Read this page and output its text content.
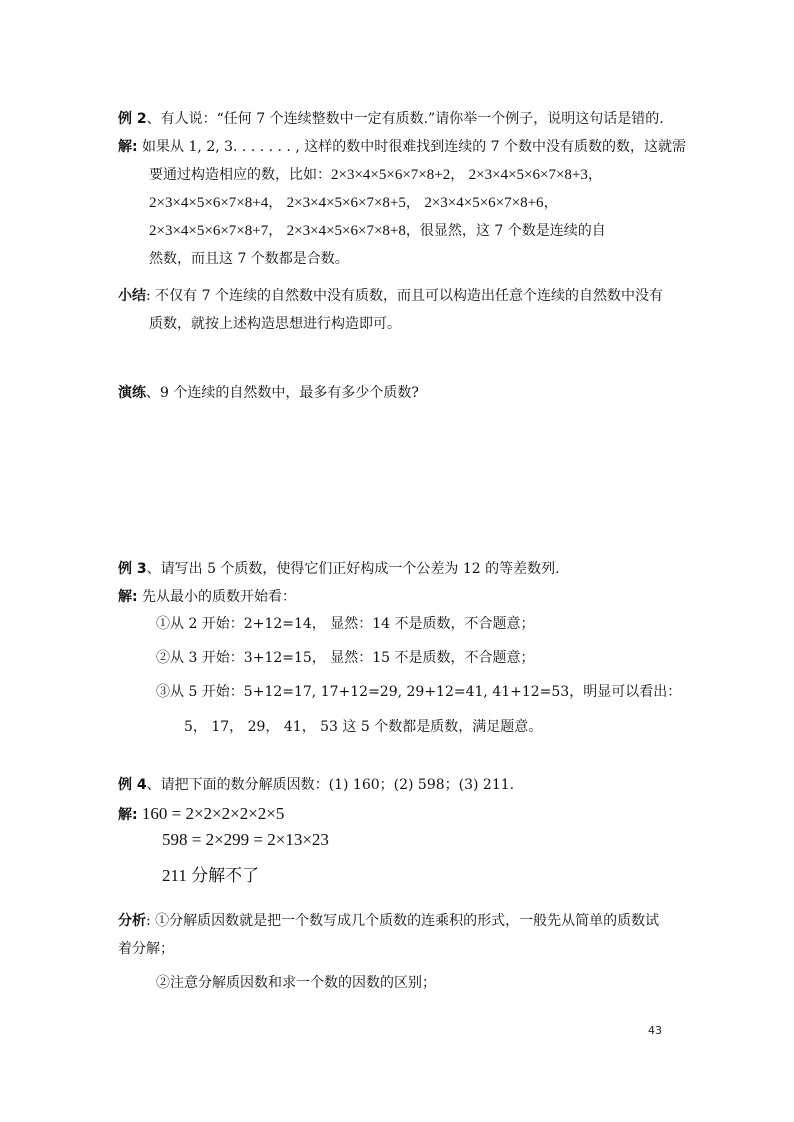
例 2、有人说：“任何 7 个连续整数中一定有质数.”请你举一个例子，说明这句话是错的.
解: 如果从 1, 2, 3. . . . . . . , 这样的数中时很难找到连续的 7 个数中没有质数的数，这就需
要通过构造相应的数，比如：2×3×4×5×6×7×8+2， 2×3×4×5×6×7×8+3，
2×3×4×5×6×7×8+4， 2×3×4×5×6×7×8+5， 2×3×4×5×6×7×8+6，
2×3×4×5×6×7×8+7， 2×3×4×5×6×7×8+8，很显然，这 7 个数是连续的自
然数，而且这 7 个数都是合数。
小结: 不仅有 7 个连续的自然数中没有质数，而且可以构造出任意个连续的自然数中没有
质数，就按上述构造思想进行构造即可。
演练、9 个连续的自然数中，最多有多少个质数?
例 3、请写出 5 个质数，使得它们正好构成一个公差为 12 的等差数列.
解: 先从最小的质数开始看：
①从 2 开始：2+12=14， 显然：14 不是质数，不合题意；
②从 3 开始：3+12=15， 显然：15 不是质数，不合题意；
③从 5 开始：5+12=17, 17+12=29, 29+12=41, 41+12=53，明显可以看出：
5， 17， 29， 41， 53 这 5 个数都是质数，满足题意。
例 4、请把下面的数分解质因数：(1) 160；(2) 598；(3) 211.
解: 160 = 2×2×2×2×2×5
598 = 2×299 = 2×13×23
211 分解不了
分析: ①分解质因数就是把一个数写成几个质数的连乘积的形式，一般先从简单的质数试
着分解；
②注意分解质因数和求一个数的因数的区别；
43
